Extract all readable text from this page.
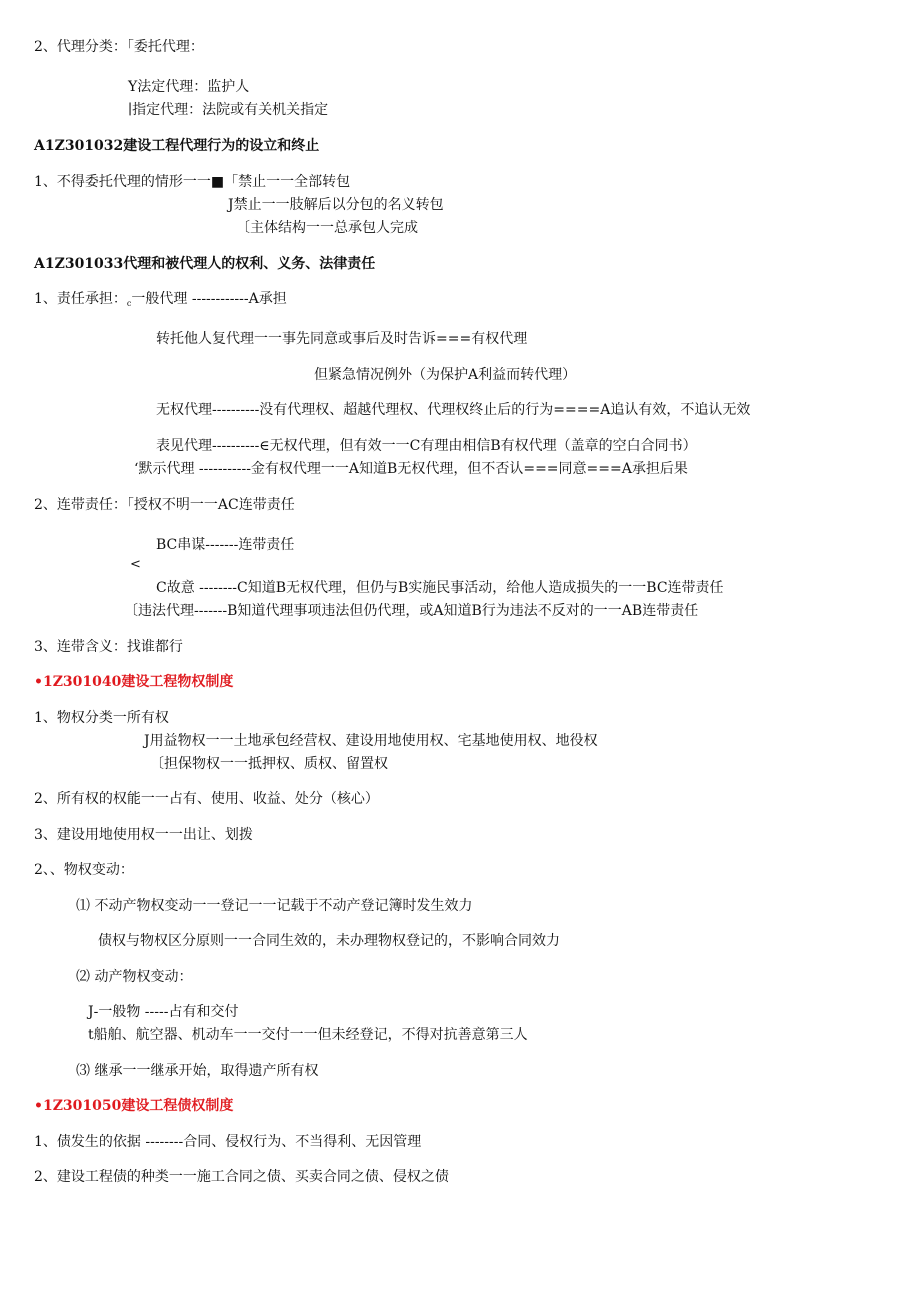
2、代理分类：「委托代理：
Y法定代理：监护人
∣指定代理：法院或有关机关指定
A1Z301032建设工程代理行为的设立和终止
1、不得委托代理的情形一一■「禁止一一全部转包
J禁止一一肢解后以分包的名义转包
〔主体结构一一总承包人完成
A1Z301033代理和被代理人的权利、义务、法律责任
1、责任承担：$_c$一般代理 ------------A承担
转托他人复代理一一事先同意或事后及时告诉===有权代理
但紧急情况例外（为保护A利益而转代理）
无权代理----------没有代理权、超越代理权、代理权终止后的行为====A追认有效，不追认无效
表见代理----------∈无权代理，但有效一一C有理由相信B有权代理（盖章的空白合同书）
‘默示代理 -----------金有权代理一一A知道B无权代理，但不否认===同意===A承担后果
2、连带责任：「授权不明一一AC连带责任
BC串谋-------连带责任
<
C故意 --------C知道B无权代理，但仍与B实施民事活动，给他人造成损失的一一BC连带责任
〔违法代理-------B知道代理事项违法但仍代理，或A知道B行为违法不反对的一一AB连带责任
3、连带含义：找谁都行
•1Z301040建设工程物权制度
1、物权分类一所有权
J用益物权一一土地承包经营权、建设用地使用权、宅基地使用权、地役权
〔担保物权一一抵押权、质权、留置权
2、所有权的权能一一占有、使用、收益、处分（核心）
3、建设用地使用权一一出让、划拨
2、、物权变动：
⑴ 不动产物权变动一一登记一一记载于不动产登记簿时发生效力
债权与物权区分原则一一合同生效的，未办理物权登记的，不影响合同效力
⑵ 动产物权变动：
J-一般物 -----占有和交付
t船舶、航空器、机动车一一交付一一但未经登记，不得对抗善意第三人
⑶ 继承一一继承开始，取得遗产所有权
•1Z301050建设工程债权制度
1、债发生的依据 --------合同、侵权行为、不当得利、无因管理
2、建设工程债的种类一一施工合同之债、买卖合同之债、侵权之债
